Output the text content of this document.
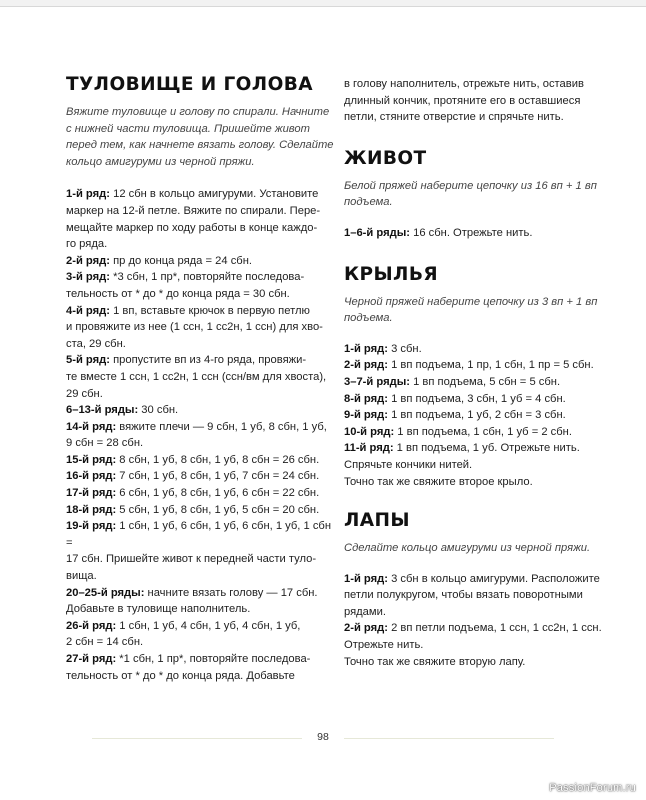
ТУЛОВИЩЕ И ГОЛОВА
Вяжите туловище и голову по спирали. Начните
с нижней части туловища. Пришейте живот
перед тем, как начнете вязать голову. Сделайте
кольцо амигуруми из черной пряжи.
1-й ряд: 12 сбн в кольцо амигуруми. Установите
маркер на 12-й петле. Вяжите по спирали. Пере-
мещайте маркер по ходу работы в конце каждо-
го ряда.
2-й ряд: пр до конца ряда = 24 сбн.
3-й ряд: *3 сбн, 1 пр*, повторяйте последова-
тельность от * до * до конца ряда = 30 сбн.
4-й ряд: 1 вп, вставьте крючок в первую петлю
и провяжите из нее (1 ссн, 1 сс2н, 1 ссн) для хво-
ста, 29 сбн.
5-й ряд: пропустите вп из 4-го ряда, провяжи-
те вместе 1 ссн, 1 сс2н, 1 ссн (ссн/вм для хвоста),
29 сбн.
6–13-й ряды: 30 сбн.
14-й ряд: вяжите плечи — 9 сбн, 1 уб, 8 сбн, 1 уб,
9 сбн = 28 сбн.
15-й ряд: 8 сбн, 1 уб, 8 сбн, 1 уб, 8 сбн = 26 сбн.
16-й ряд: 7 сбн, 1 уб, 8 сбн, 1 уб, 7 сбн = 24 сбн.
17-й ряд: 6 сбн, 1 уб, 8 сбн, 1 уб, 6 сбн = 22 сбн.
18-й ряд: 5 сбн, 1 уб, 8 сбн, 1 уб, 5 сбн = 20 сбн.
19-й ряд: 1 сбн, 1 уб, 6 сбн, 1 уб, 6 сбн, 1 уб, 1 сбн =
17 сбн. Пришейте живот к передней части туло-
вища.
20–25-й ряды: начните вязать голову — 17 сбн.
Добавьте в туловище наполнитель.
26-й ряд: 1 сбн, 1 уб, 4 сбн, 1 уб, 4 сбн, 1 уб,
2 сбн = 14 сбн.
27-й ряд: *1 сбн, 1 пр*, повторяйте последова-
тельность от * до * до конца ряда. Добавьте
в голову наполнитель, отрежьте нить, оставив
длинный кончик, протяните его в оставшиеся
петли, стяните отверстие и спрячьте нить.
ЖИВОТ
Белой пряжей наберите цепочку из 16 вп + 1 вп
подъема.
1–6-й ряды: 16 сбн. Отрежьте нить.
КРЫЛЬЯ
Черной пряжей наберите цепочку из 3 вп + 1 вп
подъема.
1-й ряд: 3 сбн.
2-й ряд: 1 вп подъема, 1 пр, 1 сбн, 1 пр = 5 сбн.
3–7-й ряды: 1 вп подъема, 5 сбн = 5 сбн.
8-й ряд: 1 вп подъема, 3 сбн, 1 уб = 4 сбн.
9-й ряд: 1 вп подъема, 1 уб, 2 сбн = 3 сбн.
10-й ряд: 1 вп подъема, 1 сбн, 1 уб = 2 сбн.
11-й ряд: 1 вп подъема, 1 уб. Отрежьте нить.
Спрячьте кончики нитей.
Точно так же свяжите второе крыло.
ЛАПЫ
Сделайте кольцо амигуруми из черной пряжи.
1-й ряд: 3 сбн в кольцо амигуруми. Расположите
петли полукругом, чтобы вязать поворотными
рядами.
2-й ряд: 2 вп петли подъема, 1 ссн, 1 сс2н, 1 ссн.
Отрежьте нить.
Точно так же свяжите вторую лапу.
98
PassionForum.ru
